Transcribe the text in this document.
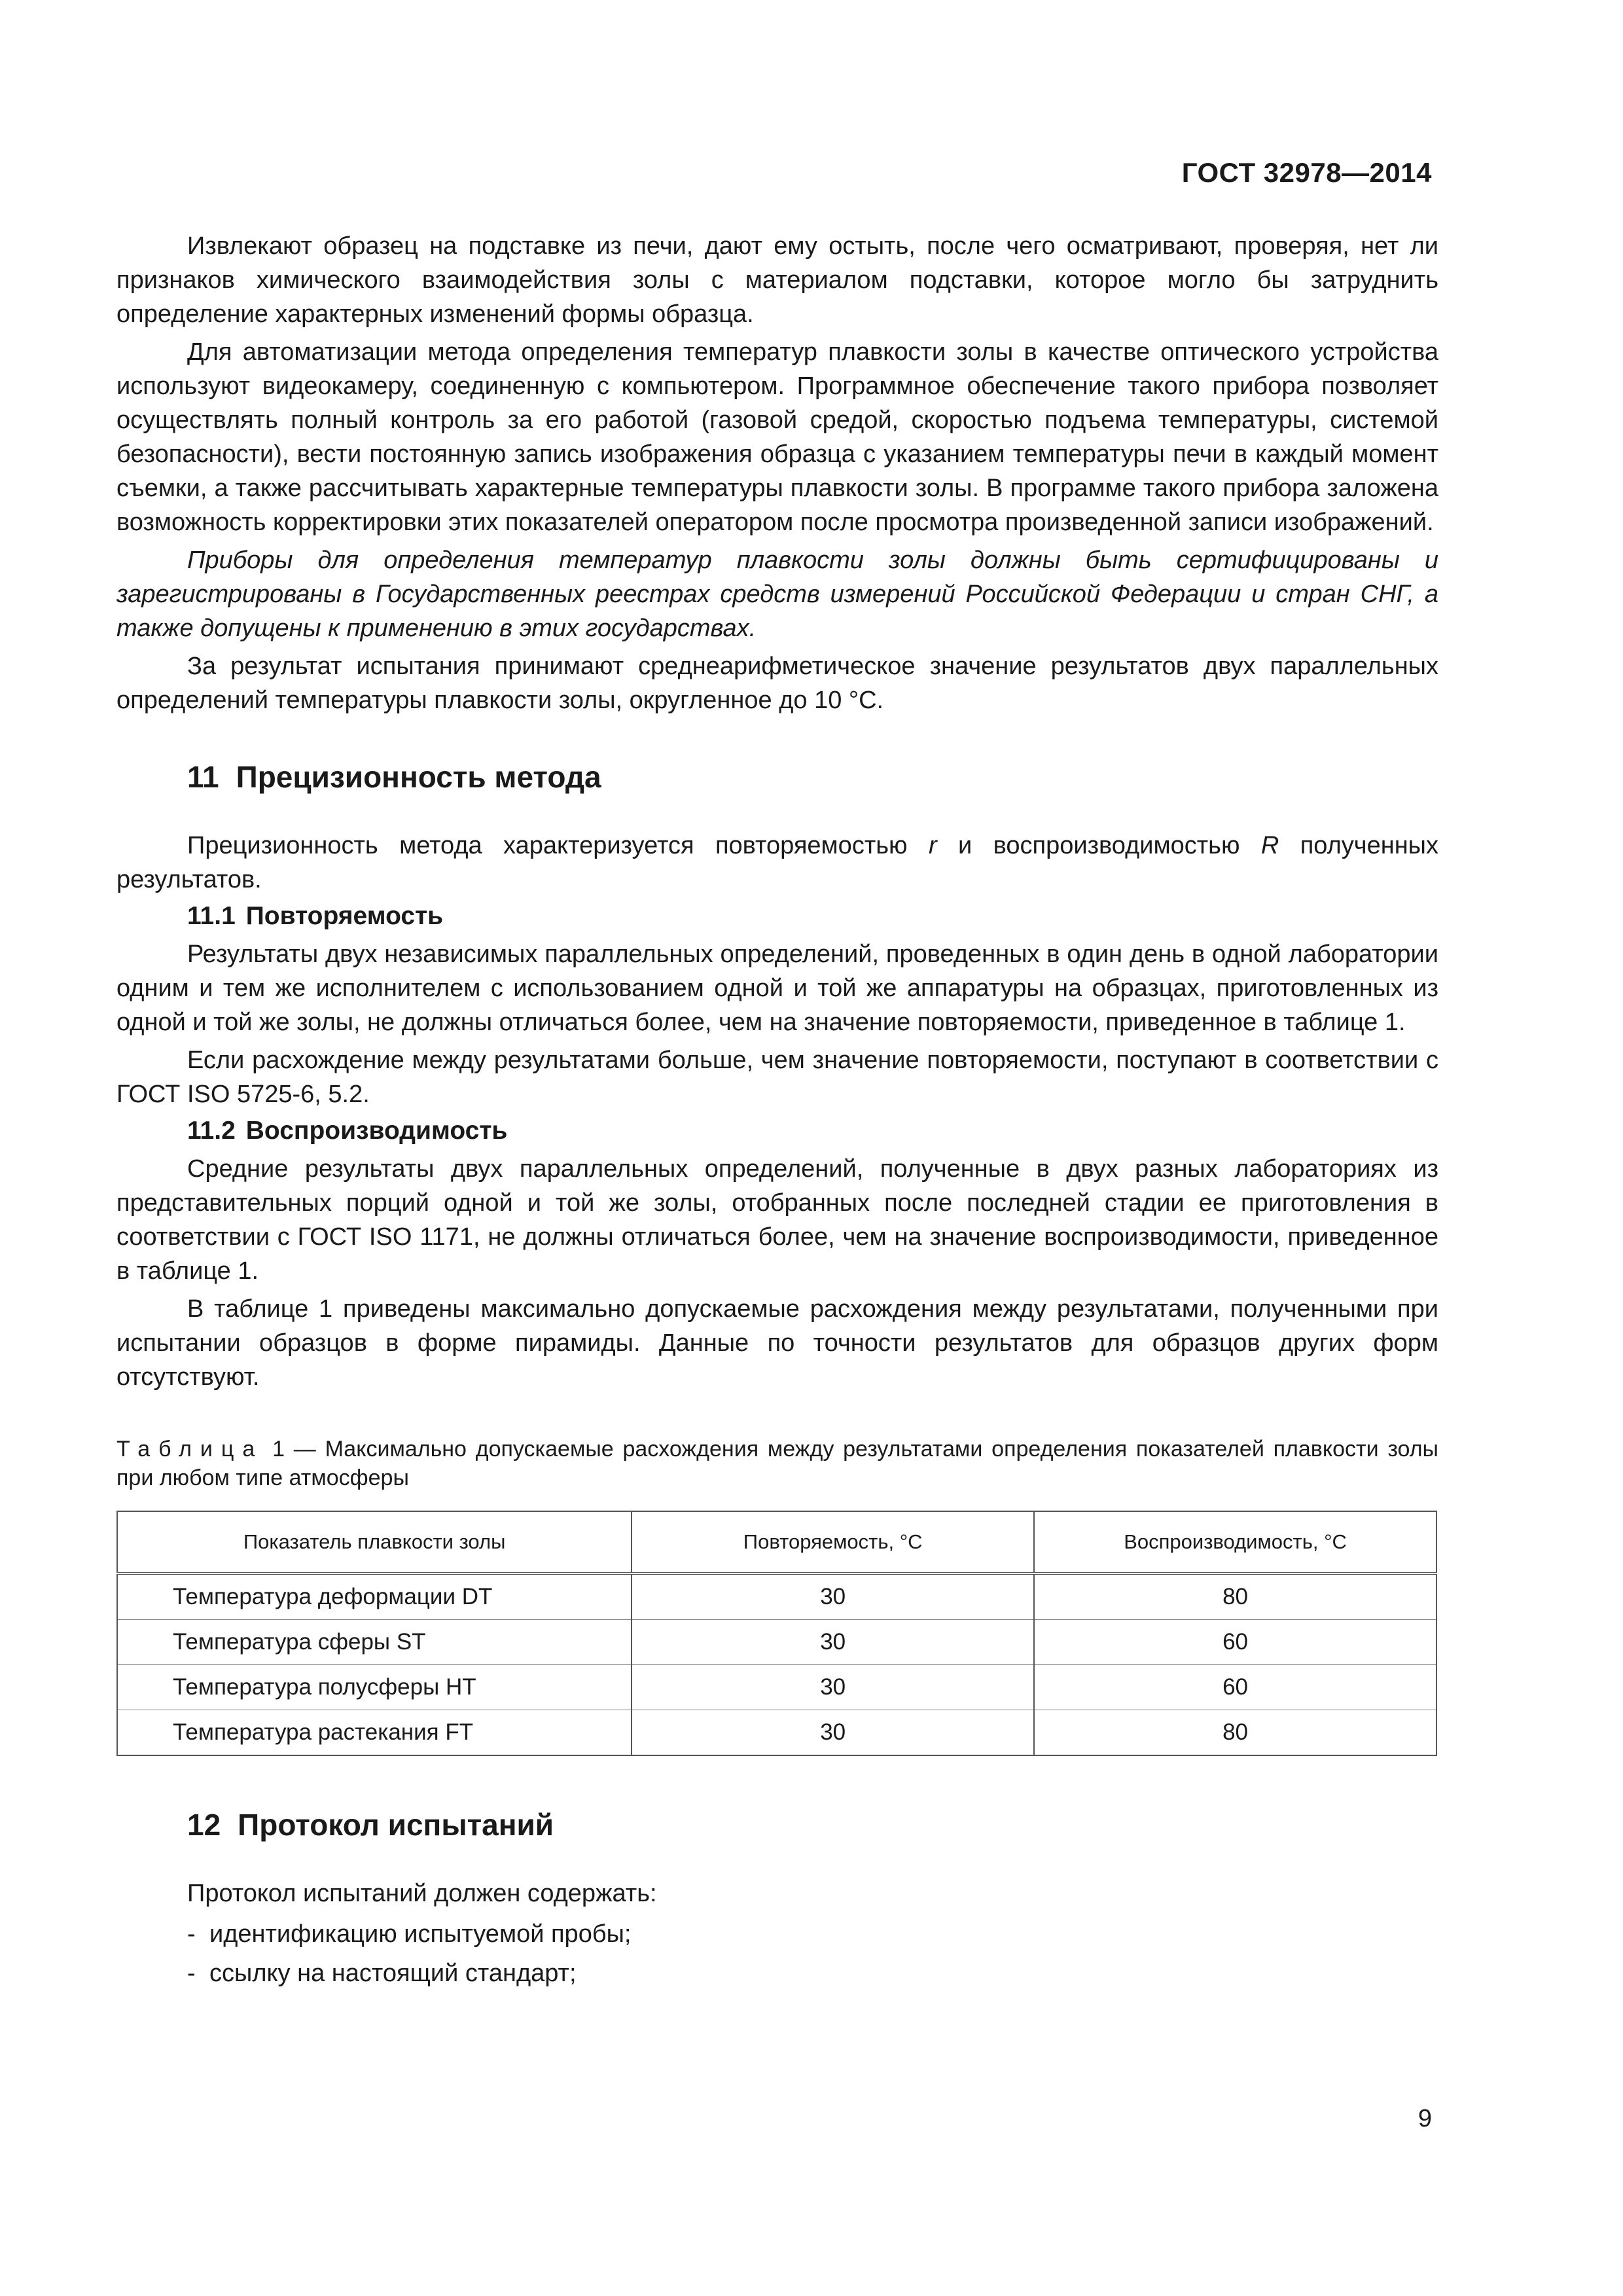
ГОСТ 32978—2014

Извлекают образец на подставке из печи, дают ему остыть, после чего осматривают, проверяя, нет ли признаков химического взаимодействия золы с материалом подставки, которое могло бы затруднить определение характерных изменений формы образца.

Для автоматизации метода определения температур плавкости золы в качестве оптического устройства используют видеокамеру, соединенную с компьютером. Программное обеспечение такого прибора позволяет осуществлять полный контроль за его работой (газовой средой, скоростью подъема температуры, системой безопасности), вести постоянную запись изображения образца с указанием температуры печи в каждый момент съемки, а также рассчитывать характерные температуры плавкости золы. В программе такого прибора заложена возможность корректировки этих показателей оператором после просмотра произведенной записи изображений.

Приборы для определения температур плавкости золы должны быть сертифицированы и зарегистрированы в Государственных реестрах средств измерений Российской Федерации и стран СНГ, а также допущены к применению в этих государствах.

За результат испытания принимают среднеарифметическое значение результатов двух параллельных определений температуры плавкости золы, округленное до 10 °С.

11 Прецизионность метода

Прецизионность метода характеризуется повторяемостью r и воспроизводимостью R полученных результатов.

11.1 Повторяемость

Результаты двух независимых параллельных определений, проведенных в один день в одной лаборатории одним и тем же исполнителем с использованием одной и той же аппаратуры на образцах, приготовленных из одной и той же золы, не должны отличаться более, чем на значение повторяемости, приведенное в таблице 1.

Если расхождение между результатами больше, чем значение повторяемости, поступают в соответствии с ГОСТ ISO 5725-6, 5.2.

11.2 Воспроизводимость

Средние результаты двух параллельных определений, полученные в двух разных лабораториях из представительных порций одной и той же золы, отобранных после последней стадии ее приготовления в соответствии с ГОСТ ISO 1171, не должны отличаться более, чем на значение воспроизводимости, приведенное в таблице 1.

В таблице 1 приведены максимально допускаемые расхождения между результатами, полученными при испытании образцов в форме пирамиды. Данные по точности результатов для образцов других форм отсутствуют.

Таблица 1 — Максимально допускаемые расхождения между результатами определения показателей плавкости золы при любом типе атмосферы
Показатель плавкости золы	Повторяемость, °С	Воспроизводимость, °С
Температура деформации DT	30	80
Температура сферы ST	30	60
Температура полусферы HT	30	60
Температура растекания FT	30	80
12 Протокол испытаний

Протокол испытаний должен содержать:

- идентификацию испытуемой пробы;
- ссылку на настоящий стандарт;
9
